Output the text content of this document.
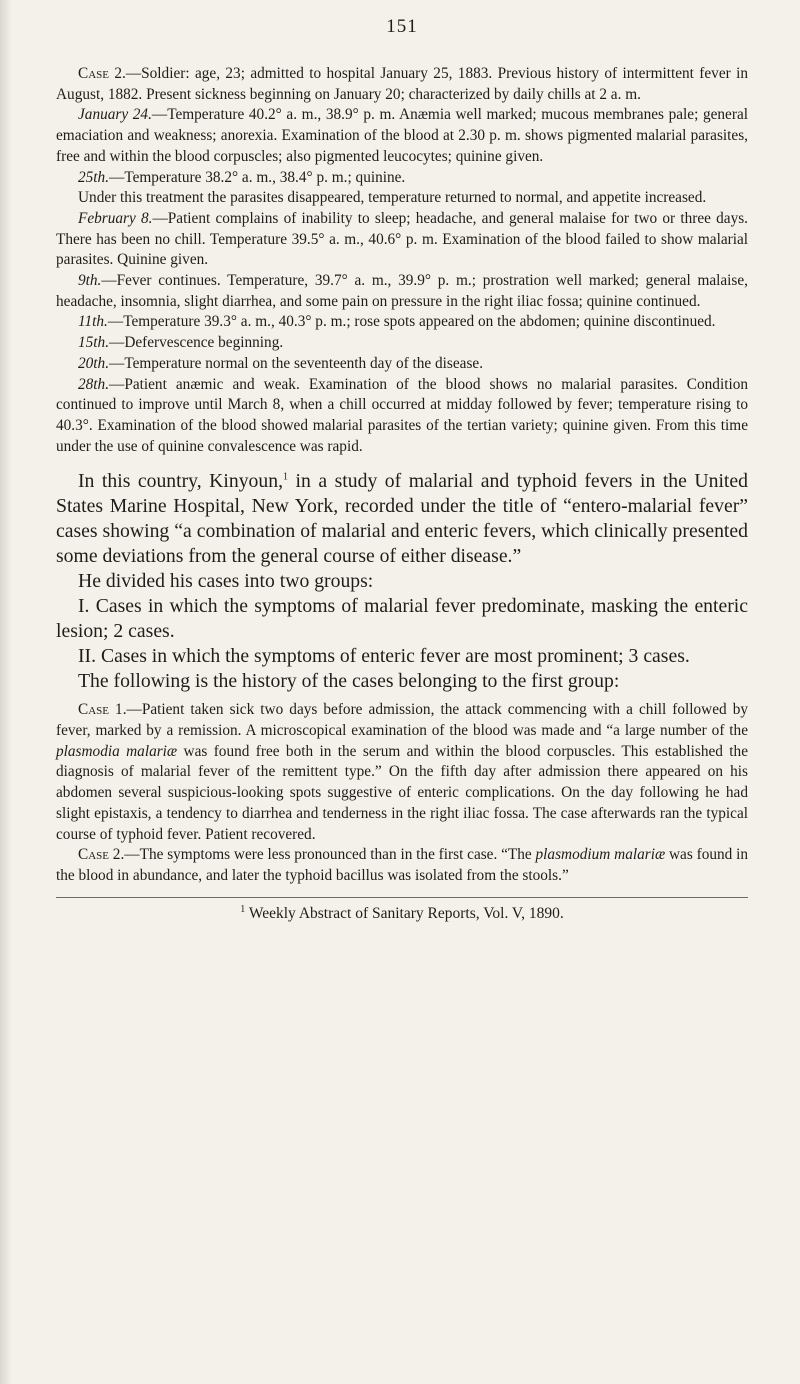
151

Case 2.—Soldier: age, 23; admitted to hospital January 25, 1883. Previous history of intermittent fever in August, 1882. Present sickness beginning on January 20; characterized by daily chills at 2 a. m.

January 24.—Temperature 40.2° a. m., 38.9° p. m. Anæmia well marked; mucous membranes pale; general emaciation and weakness; anorexia. Examination of the blood at 2.30 p. m. shows pigmented malarial parasites, free and within the blood corpuscles; also pigmented leucocytes; quinine given.

25th.—Temperature 38.2° a. m., 38.4° p. m.; quinine.

Under this treatment the parasites disappeared, temperature returned to normal, and appetite increased.

February 8.—Patient complains of inability to sleep; headache, and general malaise for two or three days. There has been no chill. Temperature 39.5° a. m., 40.6° p. m. Examination of the blood failed to show malarial parasites. Quinine given.

9th.—Fever continues. Temperature, 39.7° a. m., 39.9° p. m.; prostration well marked; general malaise, headache, insomnia, slight diarrhea, and some pain on pressure in the right iliac fossa; quinine continued.

11th.—Temperature 39.3° a. m., 40.3° p. m.; rose spots appeared on the abdomen; quinine discontinued.

15th.—Defervescence beginning.

20th.—Temperature normal on the seventeenth day of the disease.

28th.—Patient anæmic and weak. Examination of the blood shows no malarial parasites. Condition continued to improve until March 8, when a chill occurred at midday followed by fever; temperature rising to 40.3°. Examination of the blood showed malarial parasites of the tertian variety; quinine given. From this time under the use of quinine convalescence was rapid.

In this country, Kinyoun,$^1$ in a study of malarial and typhoid fevers in the United States Marine Hospital, New York, recorded under the title of “entero-malarial fever” cases showing “a combination of malarial and enteric fevers, which clinically presented some deviations from the general course of either disease.”

He divided his cases into two groups:

I. Cases in which the symptoms of malarial fever predominate, masking the enteric lesion; 2 cases.

II. Cases in which the symptoms of enteric fever are most prominent; 3 cases.

The following is the history of the cases belonging to the first group:

Case 1.—Patient taken sick two days before admission, the attack commencing with a chill followed by fever, marked by a remission. A microscopical examination of the blood was made and “a large number of the plasmodia malariæ was found free both in the serum and within the blood corpuscles. This established the diagnosis of malarial fever of the remittent type.” On the fifth day after admission there appeared on his abdomen several suspicious-looking spots suggestive of enteric complications. On the day following he had slight epistaxis, a tendency to diarrhea and tenderness in the right iliac fossa. The case afterwards ran the typical course of typhoid fever. Patient recovered.

Case 2.—The symptoms were less pronounced than in the first case. “The plasmodium malariæ was found in the blood in abundance, and later the typhoid bacillus was isolated from the stools.”

$^1$ Weekly Abstract of Sanitary Reports, Vol. V, 1890.
